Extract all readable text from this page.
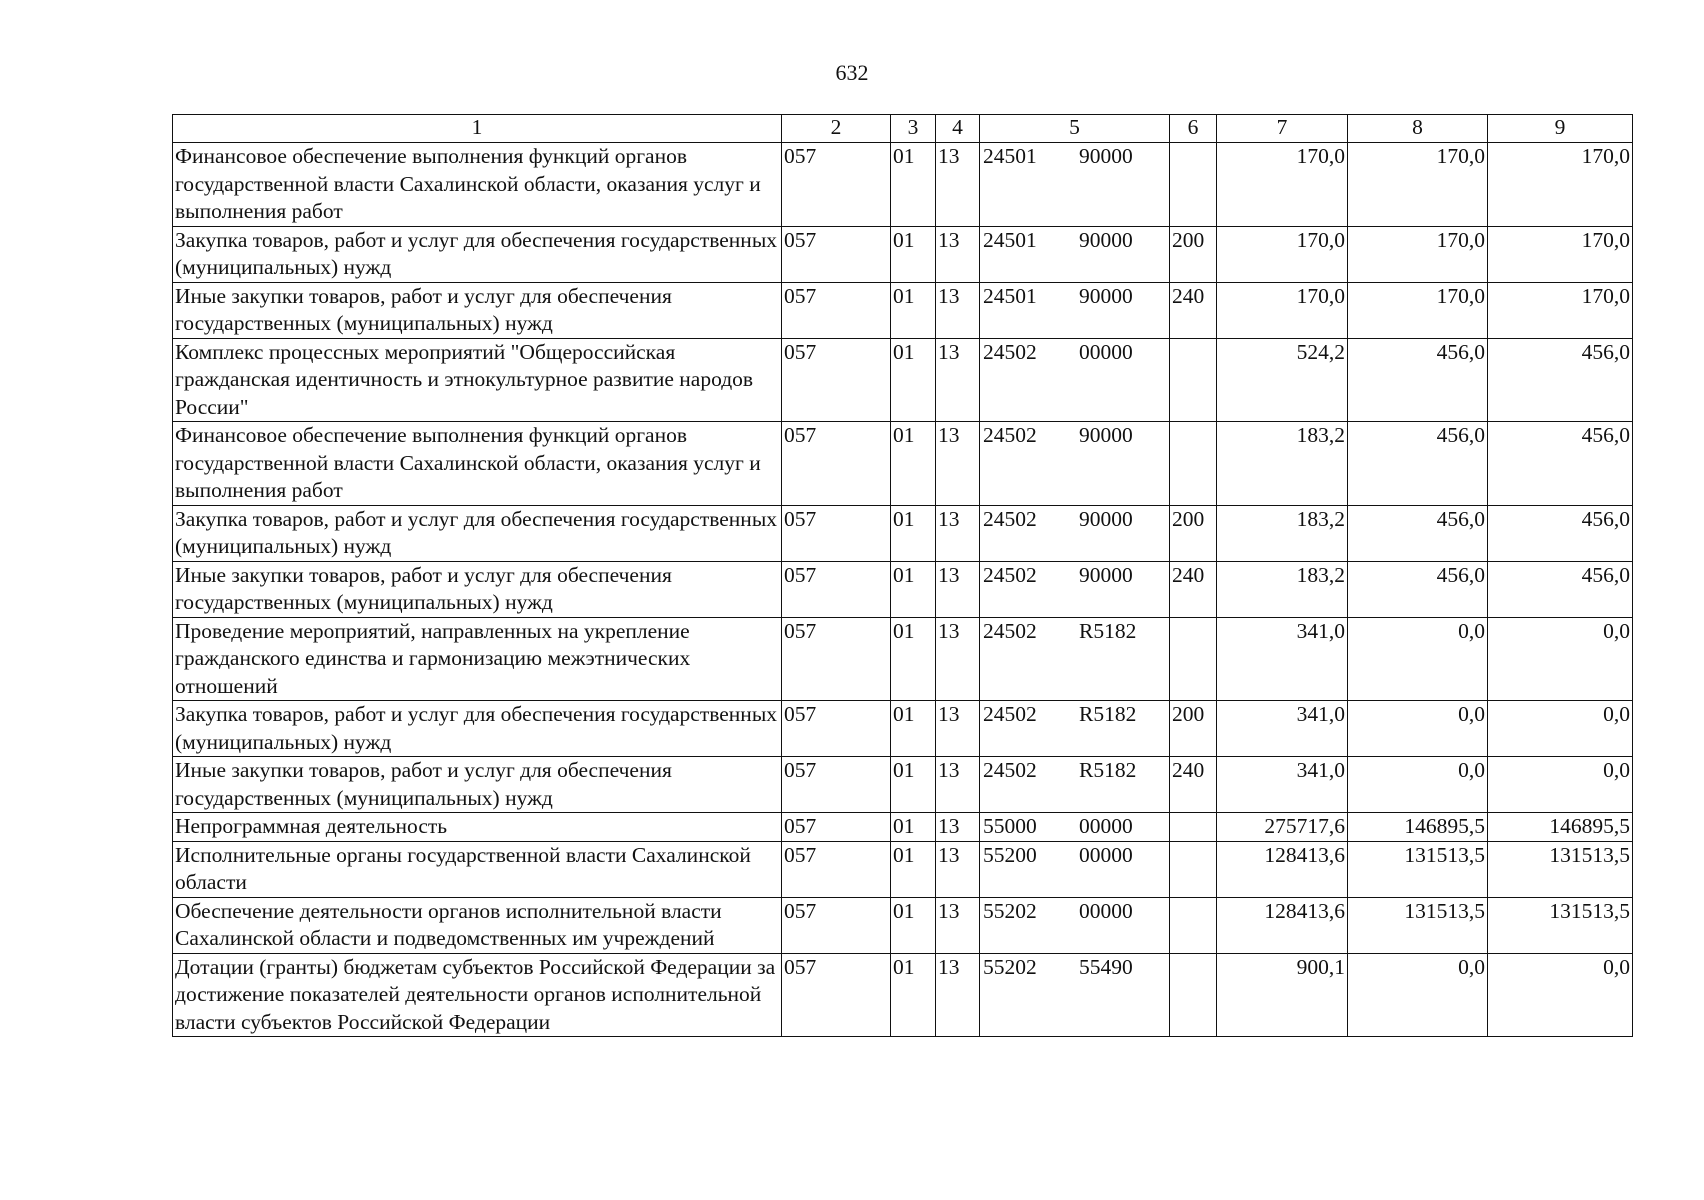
632
1	2	3	4	5	6	7	8	9
Финансовое обеспечение выполнения функций органов государственной власти Сахалинской области, оказания услуг и выполнения работ	057	01	13	24501 90000		170,0	170,0	170,0
Закупка товаров, работ и услуг для обеспечения государственных (муниципальных) нужд	057	01	13	24501 90000	200	170,0	170,0	170,0
Иные закупки товаров, работ и услуг для обеспечения государственных (муниципальных) нужд	057	01	13	24501 90000	240	170,0	170,0	170,0
Комплекс процессных мероприятий "Общероссийская гражданская идентичность и этнокультурное развитие народов России"	057	01	13	24502 00000		524,2	456,0	456,0
Финансовое обеспечение выполнения функций органов государственной власти Сахалинской области, оказания услуг и выполнения работ	057	01	13	24502 90000		183,2	456,0	456,0
Закупка товаров, работ и услуг для обеспечения государственных (муниципальных) нужд	057	01	13	24502 90000	200	183,2	456,0	456,0
Иные закупки товаров, работ и услуг для обеспечения государственных (муниципальных) нужд	057	01	13	24502 90000	240	183,2	456,0	456,0
Проведение мероприятий, направленных на укрепление гражданского единства и гармонизацию межэтнических отношений	057	01	13	24502 R5182		341,0	0,0	0,0
Закупка товаров, работ и услуг для обеспечения государственных (муниципальных) нужд	057	01	13	24502 R5182	200	341,0	0,0	0,0
Иные закупки товаров, работ и услуг для обеспечения государственных (муниципальных) нужд	057	01	13	24502 R5182	240	341,0	0,0	0,0
Непрограммная деятельность	057	01	13	55000 00000		275717,6	146895,5	146895,5
Исполнительные органы государственной власти Сахалинской области	057	01	13	55200 00000		128413,6	131513,5	131513,5
Обеспечение деятельности органов исполнительной власти Сахалинской области и подведомственных им учреждений	057	01	13	55202 00000		128413,6	131513,5	131513,5
Дотации (гранты) бюджетам субъектов Российской Федерации за достижение показателей деятельности органов исполнительной власти субъектов Российской Федерации	057	01	13	55202 55490		900,1	0,0	0,0
